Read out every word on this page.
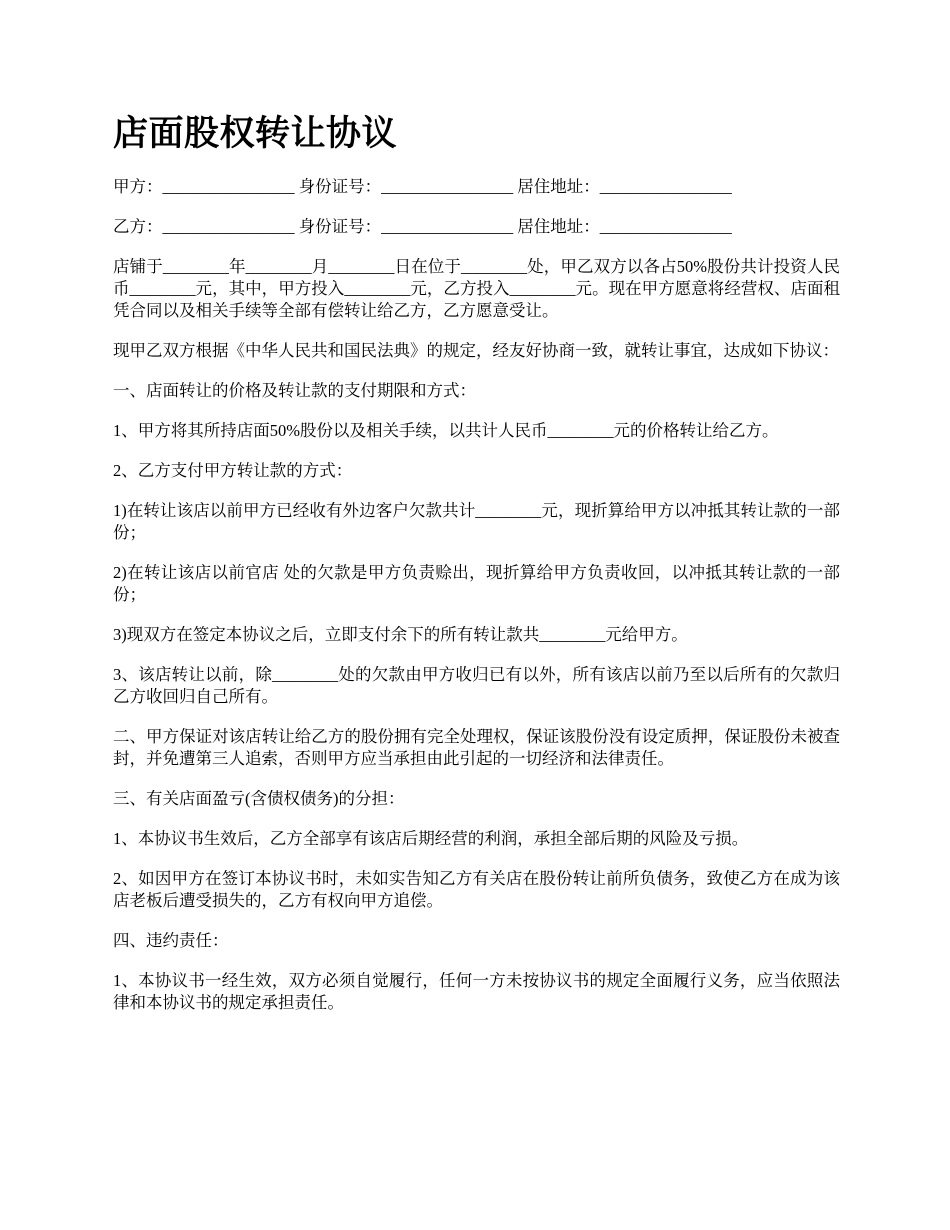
店面股权转让协议
甲方：________________ 身份证号：________________ 居住地址：________________
乙方：________________ 身份证号：________________ 居住地址：________________
店铺于________年________月________日在位于________处，甲乙双方以各占50%股份共计投资人民币________元，其中，甲方投入________元，乙方投入________元。现在甲方愿意将经营权、店面租凭合同以及相关手续等全部有偿转让给乙方，乙方愿意受让。
现甲乙双方根据《中华人民共和国民法典》的规定，经友好协商一致，就转让事宜，达成如下协议：
一、店面转让的价格及转让款的支付期限和方式：
1、甲方将其所持店面50%股份以及相关手续，以共计人民币________元的价格转让给乙方。
2、乙方支付甲方转让款的方式：
1)在转让该店以前甲方已经收有外边客户欠款共计________元，现折算给甲方以冲抵其转让款的一部份；
2)在转让该店以前官店 处的欠款是甲方负责赊出，现折算给甲方负责收回，以冲抵其转让款的一部份；
3)现双方在签定本协议之后，立即支付余下的所有转让款共________元给甲方。
3、该店转让以前，除________处的欠款由甲方收归已有以外，所有该店以前乃至以后所有的欠款归乙方收回归自己所有。
二、甲方保证对该店转让给乙方的股份拥有完全处理权，保证该股份没有设定质押，保证股份未被查封，并免遭第三人追索，否则甲方应当承担由此引起的一切经济和法律责任。
三、有关店面盈亏(含债权债务)的分担：
1、本协议书生效后，乙方全部享有该店后期经营的利润，承担全部后期的风险及亏损。
2、如因甲方在签订本协议书时，未如实告知乙方有关店在股份转让前所负债务，致使乙方在成为该店老板后遭受损失的，乙方有权向甲方追偿。
四、违约责任：
1、本协议书一经生效，双方必须自觉履行，任何一方未按协议书的规定全面履行义务，应当依照法律和本协议书的规定承担责任。
